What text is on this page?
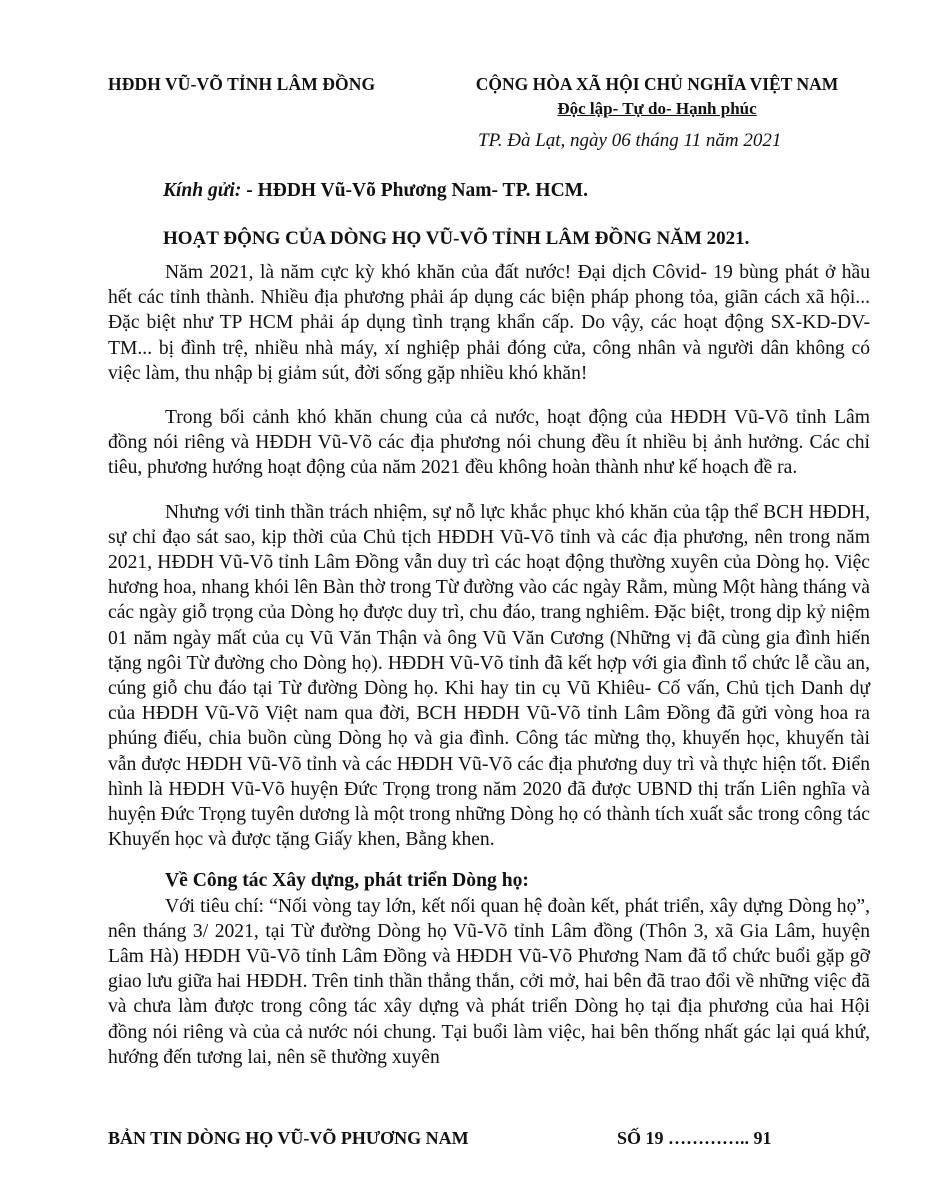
HĐDH VŨ-VÕ TỈNH LÂM ĐỒNG	CỘNG HÒA XÃ HỘI CHỦ NGHĨA VIỆT NAM
Độc lập- Tự do- Hạnh phúc
TP. Đà Lạt, ngày 06 tháng 11 năm 2021
Kính gửi: - HĐDH Vũ-Võ Phương Nam- TP. HCM.
HOẠT ĐỘNG CỦA DÒNG HỌ VŨ-VÕ TỈNH LÂM ĐỒNG NĂM 2021.

Năm 2021, là năm cực kỳ khó khăn của đất nước! Đại dịch Côvid- 19 bùng phát ở hầu hết các tỉnh thành. Nhiều địa phương phải áp dụng các biện pháp phong tỏa, giãn cách xã hội... Đặc biệt như TP HCM phải áp dụng tình trạng khẩn cấp. Do vậy, các hoạt động SX-KD-DV-TM... bị đình trệ, nhiều nhà máy, xí nghiệp phải đóng cửa, công nhân và người dân không có việc làm, thu nhập bị giảm sút, đời sống gặp nhiều khó khăn!

Trong bối cảnh khó khăn chung của cả nước, hoạt động của HĐDH Vũ-Võ tỉnh Lâm đồng nói riêng và HĐDH Vũ-Võ các địa phương nói chung đều ít nhiều bị ảnh hưởng. Các chỉ tiêu, phương hướng hoạt động của năm 2021 đều không hoàn thành như kế hoạch đề ra.

Nhưng với tinh thần trách nhiệm, sự nỗ lực khắc phục khó khăn của tập thể BCH HĐDH, sự chỉ đạo sát sao, kịp thời của Chủ tịch HĐDH Vũ-Võ tỉnh và các địa phương, nên trong năm 2021, HĐDH Vũ-Võ tỉnh Lâm Đồng vẫn duy trì các hoạt động thường xuyên của Dòng họ. Việc hương hoa, nhang khói lên Bàn thờ trong Từ đường vào các ngày Rằm, mùng Một hàng tháng và các ngày giỗ trọng của Dòng họ được duy trì, chu đáo, trang nghiêm. Đặc biệt, trong dịp kỷ niệm 01 năm ngày mất của cụ Vũ Văn Thận và ông Vũ Văn Cương (Những vị đã cùng gia đình hiến tặng ngôi Từ đường cho Dòng họ). HĐDH Vũ-Võ tỉnh đã kết hợp với gia đình tổ chức lễ cầu an, cúng giỗ chu đáo tại Từ đường Dòng họ. Khi hay tin cụ Vũ Khiêu- Cố vấn, Chủ tịch Danh dự của HĐDH Vũ-Võ Việt nam qua đời, BCH HĐDH Vũ-Võ tỉnh Lâm Đồng đã gửi vòng hoa ra phúng điếu, chia buồn cùng Dòng họ và gia đình. Công tác mừng thọ, khuyến học, khuyến tài vẫn được HĐDH Vũ-Võ tỉnh và các HĐDH Vũ-Võ các địa phương duy trì và thực hiện tốt. Điển hình là HĐDH Vũ-Võ huyện Đức Trọng trong năm 2020 đã được UBND thị trấn Liên nghĩa và huyện Đức Trọng tuyên dương là một trong những Dòng họ có thành tích xuất sắc trong công tác Khuyến học và được tặng Giấy khen, Bằng khen.

Về Công tác Xây dựng, phát triển Dòng họ:

Với tiêu chí: “Nối vòng tay lớn, kết nối quan hệ đoàn kết, phát triển, xây dựng Dòng họ”, nên tháng 3/ 2021, tại Từ đường Dòng họ Vũ-Võ tỉnh Lâm đồng (Thôn 3, xã Gia Lâm, huyện Lâm Hà) HĐDH Vũ-Võ tỉnh Lâm Đồng và HĐDH Vũ-Võ Phương Nam đã tổ chức buổi gặp gỡ giao lưu giữa hai HĐDH. Trên tinh thần thẳng thắn, cởi mở, hai bên đã trao đổi về những việc đã và chưa làm được trong công tác xây dựng và phát triển Dòng họ tại địa phương của hai Hội đồng nói riêng và của cả nước nói chung. Tại buổi làm việc, hai bên thống nhất gác lại quá khứ, hướng đến tương lai, nên sẽ thường xuyên

BẢN TIN DÒNG HỌ VŨ-VÕ PHƯƠNG NAM	SỐ 19 ………….. 91
